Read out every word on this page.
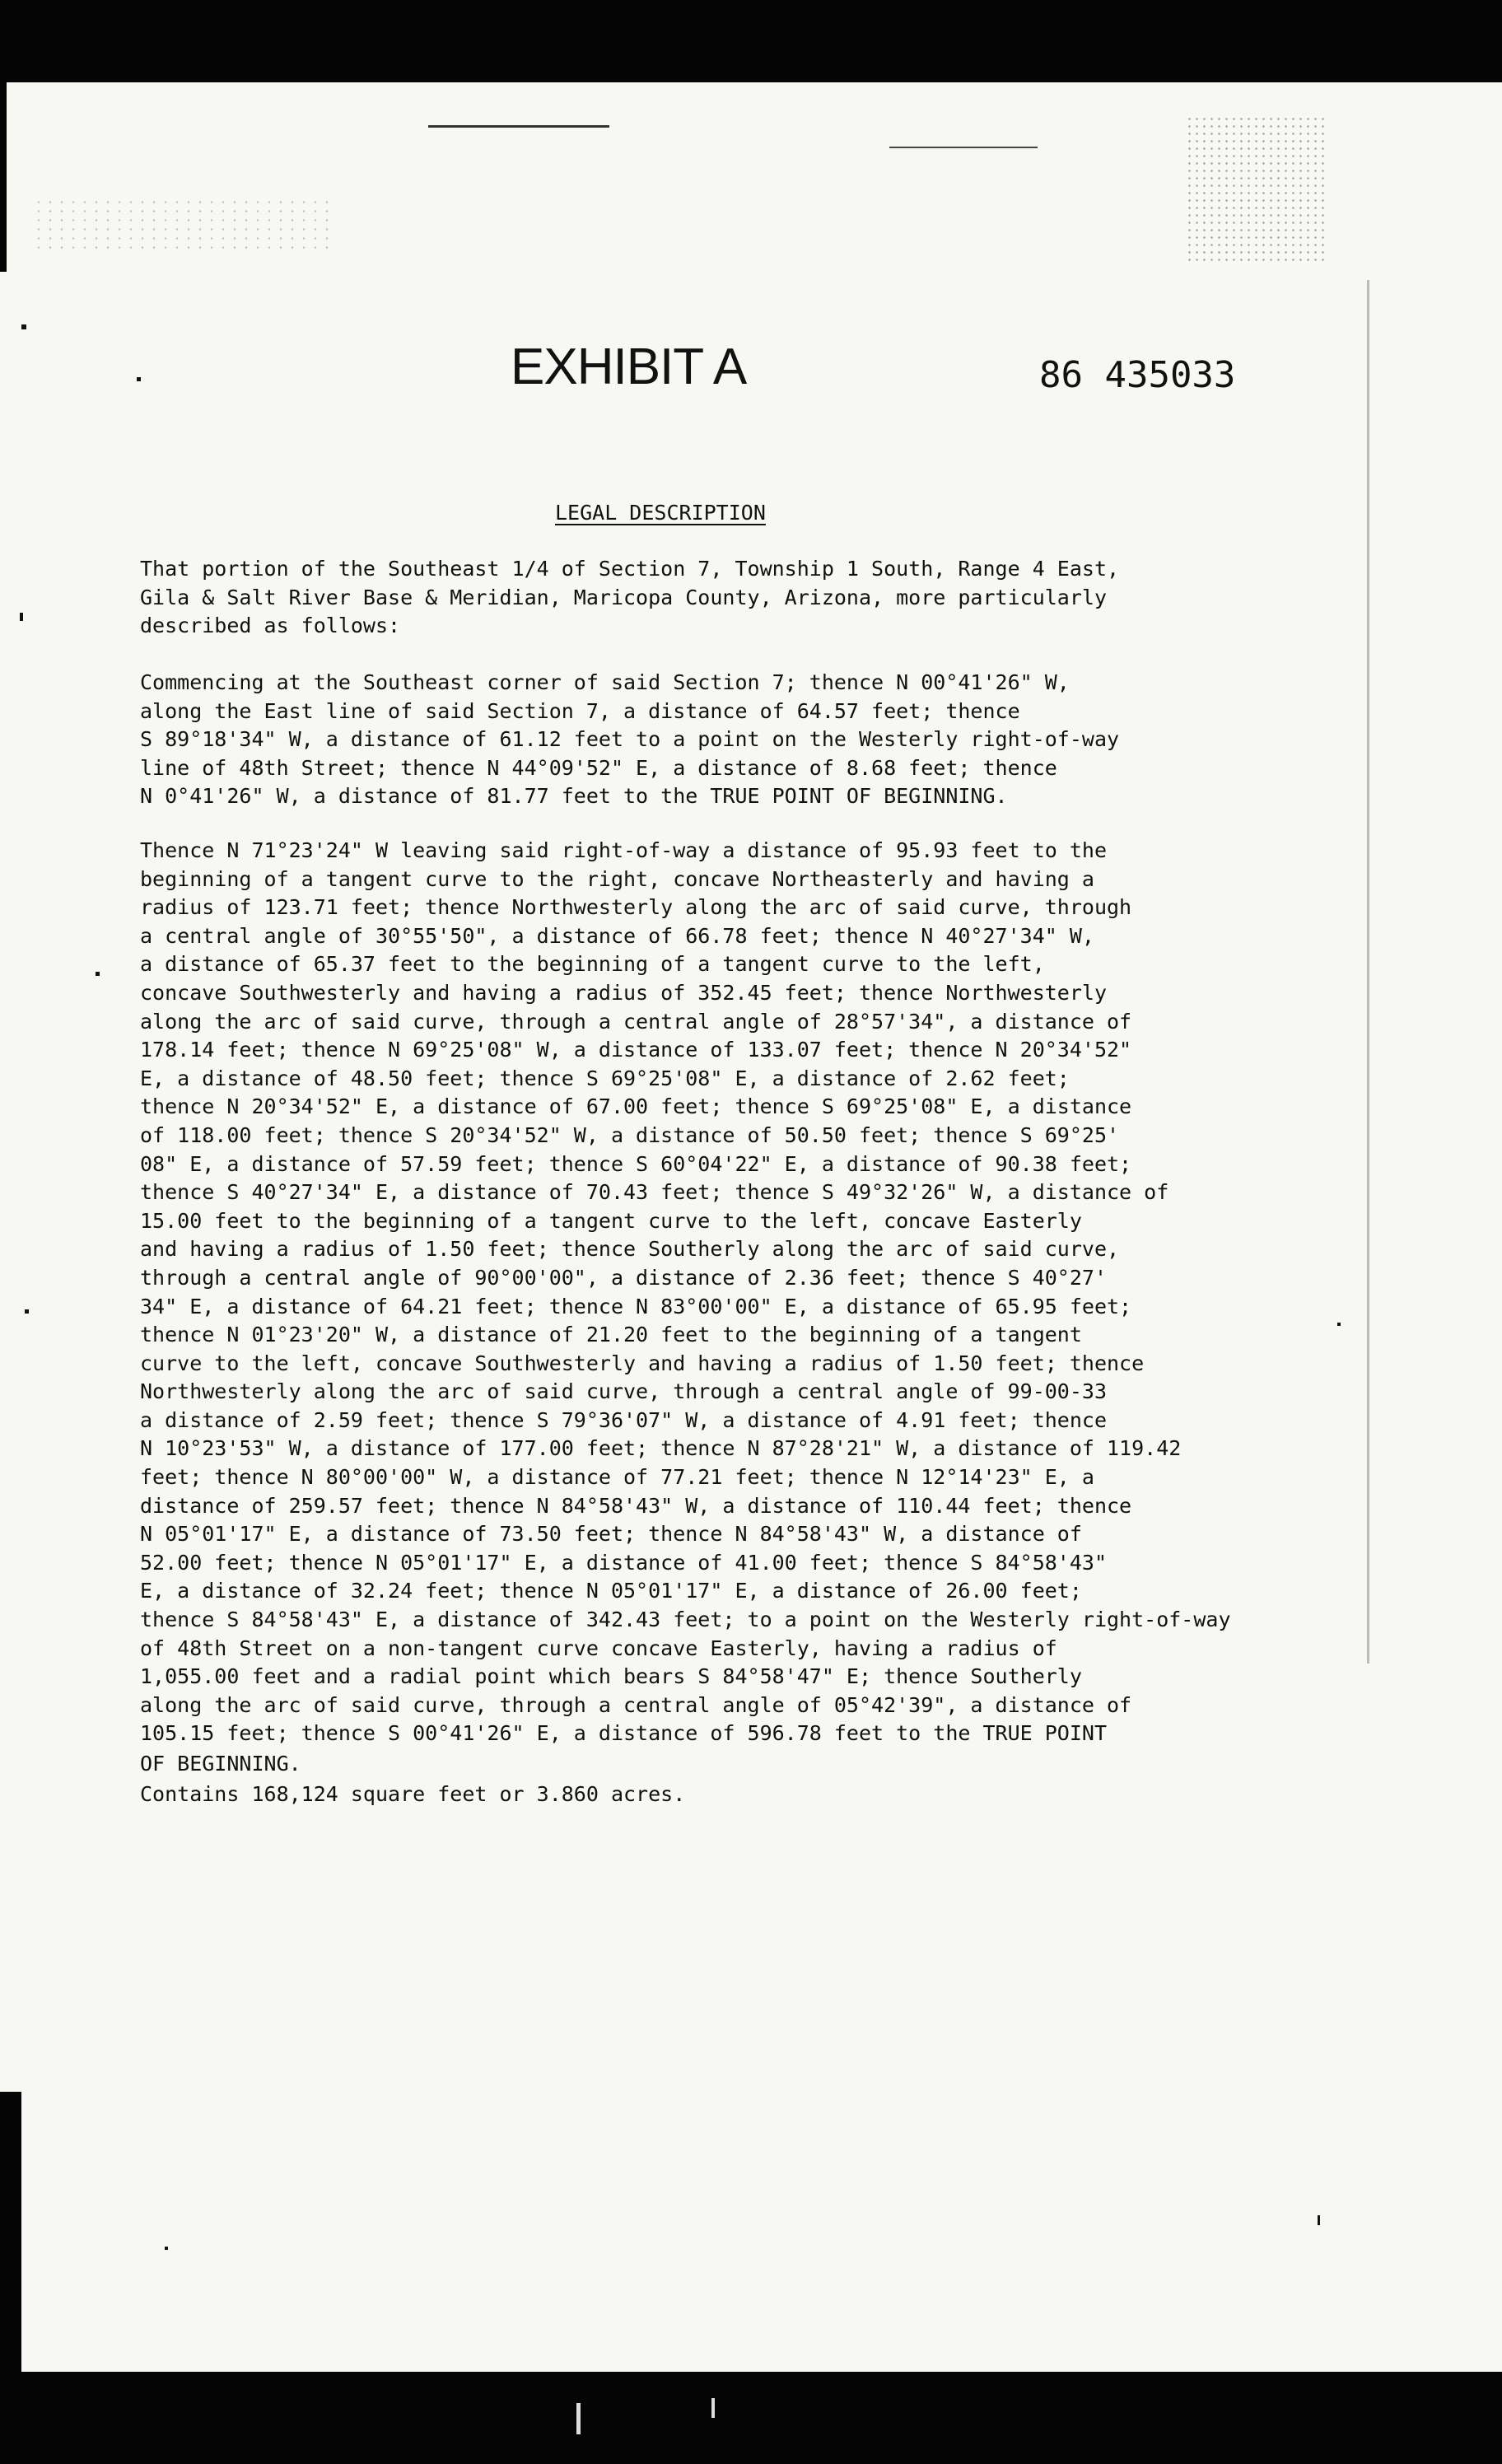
EXHIBIT A	86 435033
LEGAL DESCRIPTION
That portion of the Southeast 1/4 of Section 7, Township 1 South, Range 4 East,
Gila & Salt River Base & Meridian, Maricopa County, Arizona, more particularly
described as follows:
Commencing at the Southeast corner of said Section 7; thence N 00°41'26" W,
along the East line of said Section 7, a distance of 64.57 feet; thence
S 89°18'34" W, a distance of 61.12 feet to a point on the Westerly right-of-way
line of 48th Street; thence N 44°09'52" E, a distance of 8.68 feet; thence
N 0°41'26" W, a distance of 81.77 feet to the TRUE POINT OF BEGINNING.
Thence N 71°23'24" W leaving said right-of-way a distance of 95.93 feet to the
beginning of a tangent curve to the right, concave Northeasterly and having a
radius of 123.71 feet; thence Northwesterly along the arc of said curve, through
a central angle of 30°55'50", a distance of 66.78 feet; thence N 40°27'34" W,
a distance of 65.37 feet to the beginning of a tangent curve to the left,
concave Southwesterly and having a radius of 352.45 feet; thence Northwesterly
along the arc of said curve, through a central angle of 28°57'34", a distance of
178.14 feet; thence N 69°25'08" W, a distance of 133.07 feet; thence N 20°34'52"
E, a distance of 48.50 feet; thence S 69°25'08" E, a distance of 2.62 feet;
thence N 20°34'52" E, a distance of 67.00 feet; thence S 69°25'08" E, a distance
of 118.00 feet; thence S 20°34'52" W, a distance of 50.50 feet; thence S 69°25'
08" E, a distance of 57.59 feet; thence S 60°04'22" E, a distance of 90.38 feet;
thence S 40°27'34" E, a distance of 70.43 feet; thence S 49°32'26" W, a distance of
15.00 feet to the beginning of a tangent curve to the left, concave Easterly
and having a radius of 1.50 feet; thence Southerly along the arc of said curve,
through a central angle of 90°00'00", a distance of 2.36 feet; thence S 40°27'
34" E, a distance of 64.21 feet; thence N 83°00'00" E, a distance of 65.95 feet;
thence N 01°23'20" W, a distance of 21.20 feet to the beginning of a tangent
curve to the left, concave Southwesterly and having a radius of 1.50 feet; thence
Northwesterly along the arc of said curve, through a central angle of 99-00-33
a distance of 2.59 feet; thence S 79°36'07" W, a distance of 4.91 feet; thence
N 10°23'53" W, a distance of 177.00 feet; thence N 87°28'21" W, a distance of 119.42
feet; thence N 80°00'00" W, a distance of 77.21 feet; thence N 12°14'23" E, a
distance of 259.57 feet; thence N 84°58'43" W, a distance of 110.44 feet; thence
N 05°01'17" E, a distance of 73.50 feet; thence N 84°58'43" W, a distance of
52.00 feet; thence N 05°01'17" E, a distance of 41.00 feet; thence S 84°58'43"
E, a distance of 32.24 feet; thence N 05°01'17" E, a distance of 26.00 feet;
thence S 84°58'43" E, a distance of 342.43 feet; to a point on the Westerly right-of-way
of 48th Street on a non-tangent curve concave Easterly, having a radius of
1,055.00 feet and a radial point which bears S 84°58'47" E; thence Southerly
along the arc of said curve, through a central angle of 05°42'39", a distance of
105.15 feet; thence S 00°41'26" E, a distance of 596.78 feet to the TRUE POINT
OF BEGINNING.
Contains 168,124 square feet or 3.860 acres.
